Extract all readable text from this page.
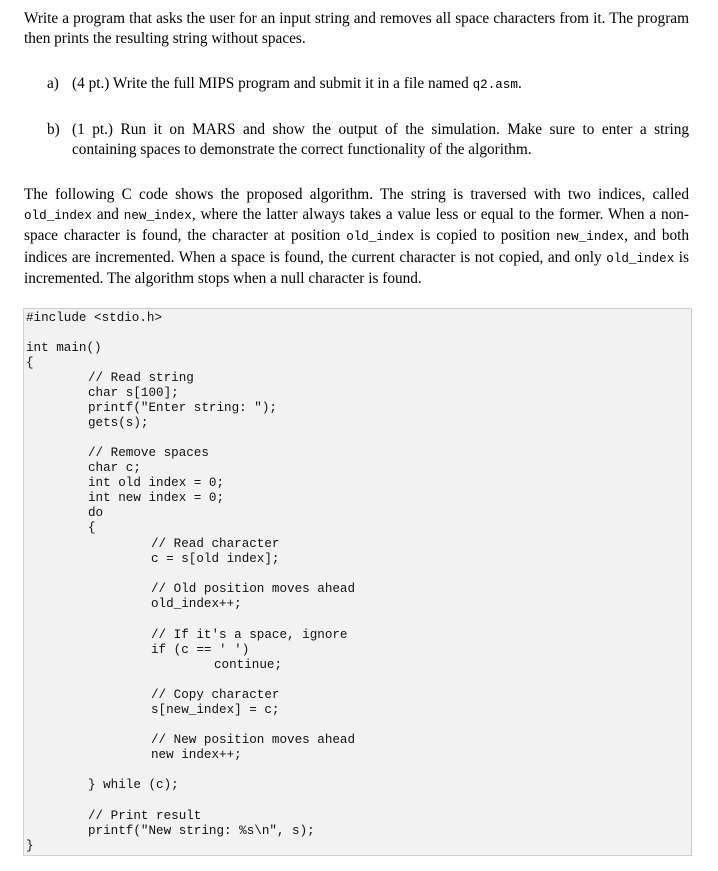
Write a program that asks the user for an input string and removes all space characters from it. The program then prints the resulting string without spaces.
a) (4 pt.) Write the full MIPS program and submit it in a file named q2.asm.
b) (1 pt.) Run it on MARS and show the output of the simulation. Make sure to enter a string containing spaces to demonstrate the correct functionality of the algorithm.
The following C code shows the proposed algorithm. The string is traversed with two indices, called old_index and new_index, where the latter always takes a value less or equal to the former. When a non-space character is found, the character at position old_index is copied to position new_index, and both indices are incremented. When a space is found, the current character is not copied, and only old_index is incremented. The algorithm stops when a null character is found.
#include <stdio.h>
int main()
{
// Read string
char s[100];
printf("Enter string: ");
gets(s);
// Remove spaces
char c;
int old index = 0;
int new index = 0;
do
{
// Read character
c = s[old index];
// Old position moves ahead
old_index++;
// If it's a space, ignore
if (c == ' ')
continue;
// Copy character
s[new_index] = c;
// New position moves ahead
new index++;
} while (c);
// Print result
printf("New string: %s\n", s);
}
